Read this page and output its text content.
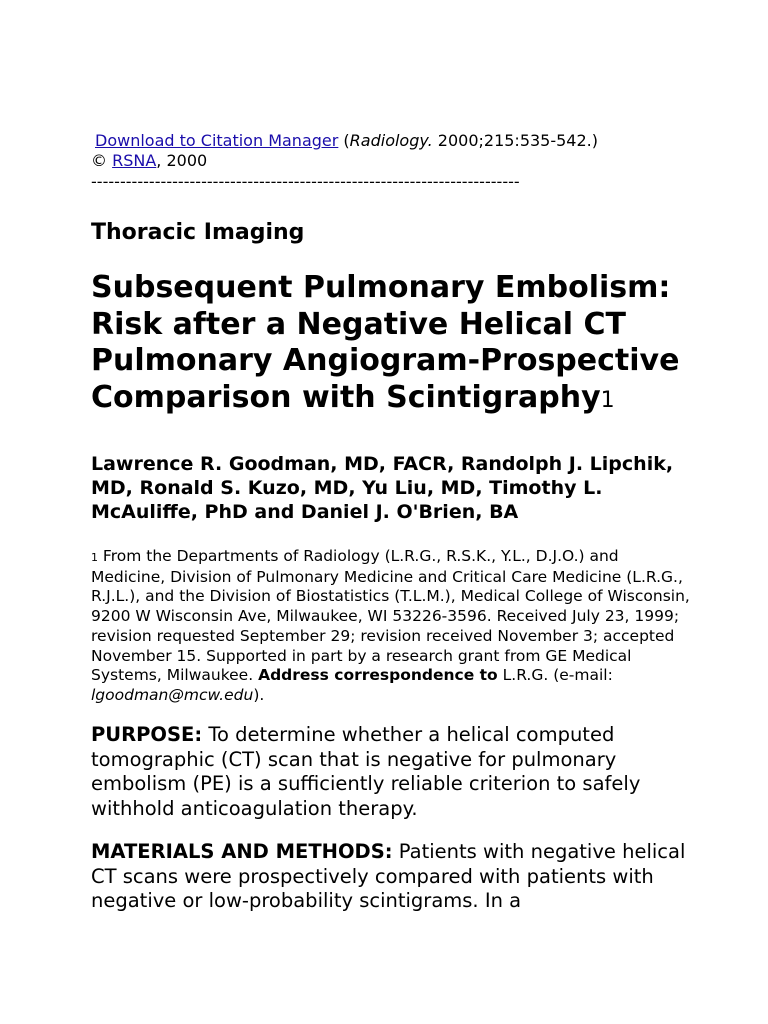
Download to Citation Manager (Radiology. 2000;215:535-542.)
© RSNA, 2000
--------------------------------------------------------------------------
Thoracic Imaging
Subsequent Pulmonary Embolism: Risk after a Negative Helical CT Pulmonary Angiogram-Prospective Comparison with Scintigraphy1
Lawrence R. Goodman, MD, FACR, Randolph J. Lipchik, MD, Ronald S. Kuzo, MD, Yu Liu, MD, Timothy L. McAuliffe, PhD and Daniel J. O'Brien, BA
1 From the Departments of Radiology (L.R.G., R.S.K., Y.L., D.J.O.) and Medicine, Division of Pulmonary Medicine and Critical Care Medicine (L.R.G., R.J.L.), and the Division of Biostatistics (T.L.M.), Medical College of Wisconsin, 9200 W Wisconsin Ave, Milwaukee, WI 53226-3596. Received July 23, 1999; revision requested September 29; revision received November 3; accepted November 15. Supported in part by a research grant from GE Medical Systems, Milwaukee. Address correspondence to L.R.G. (e-mail: lgoodman@mcw.edu).
PURPOSE: To determine whether a helical computed tomographic (CT) scan that is negative for pulmonary embolism (PE) is a sufficiently reliable criterion to safely withhold anticoagulation therapy.
MATERIALS AND METHODS: Patients with negative helical CT scans were prospectively compared with patients with negative or low-probability scintigrams. In a
